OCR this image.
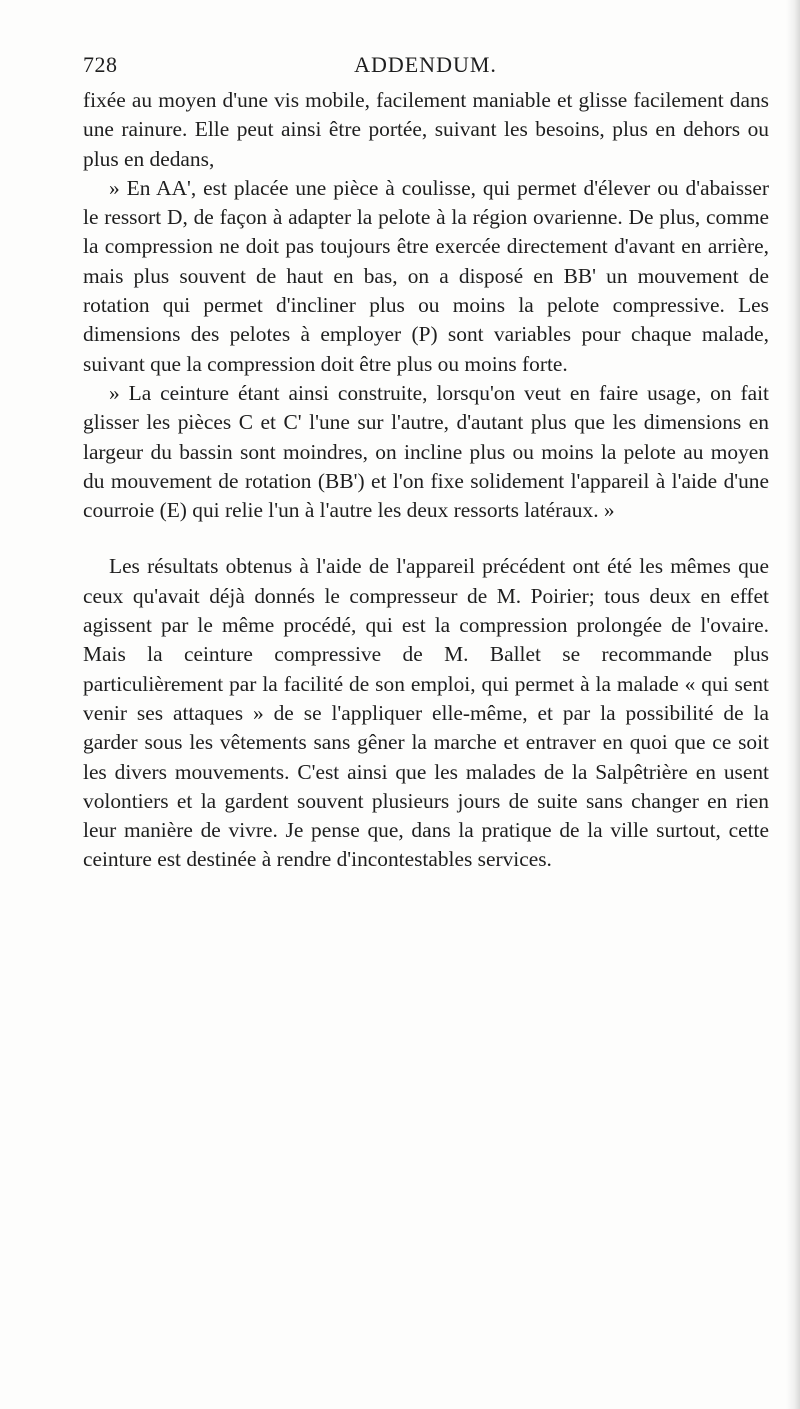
728	ADDENDUM.

fixée au moyen d'une vis mobile, facilement maniable et glisse facilement dans une rainure. Elle peut ainsi être portée, suivant les besoins, plus en dehors ou plus en dedans,

» En AA', est placée une pièce à coulisse, qui permet d'élever ou d'abaisser le ressort D, de façon à adapter la pelote à la région ovarienne. De plus, comme la compression ne doit pas toujours être exercée directement d'avant en arrière, mais plus souvent de haut en bas, on a disposé en BB' un mouvement de rotation qui permet d'incliner plus ou moins la pelote compressive. Les dimensions des pelotes à employer (P) sont variables pour chaque malade, suivant que la compression doit être plus ou moins forte.

» La ceinture étant ainsi construite, lorsqu'on veut en faire usage, on fait glisser les pièces C et C' l'une sur l'autre, d'autant plus que les dimensions en largeur du bassin sont moindres, on incline plus ou moins la pelote au moyen du mouvement de rotation (BB') et l'on fixe solidement l'appareil à l'aide d'une courroie (E) qui relie l'un à l'autre les deux ressorts latéraux. »

Les résultats obtenus à l'aide de l'appareil précédent ont été les mêmes que ceux qu'avait déjà donnés le compresseur de M. Poirier; tous deux en effet agissent par le même procédé, qui est la compression prolongée de l'ovaire. Mais la ceinture compressive de M. Ballet se recommande plus particulièrement par la facilité de son emploi, qui permet à la malade « qui sent venir ses attaques » de se l'appliquer elle-même, et par la possibilité de la garder sous les vêtements sans gêner la marche et entraver en quoi que ce soit les divers mouvements. C'est ainsi que les malades de la Salpêtrière en usent volontiers et la gardent souvent plusieurs jours de suite sans changer en rien leur manière de vivre. Je pense que, dans la pratique de la ville surtout, cette ceinture est destinée à rendre d'incontestables services.
